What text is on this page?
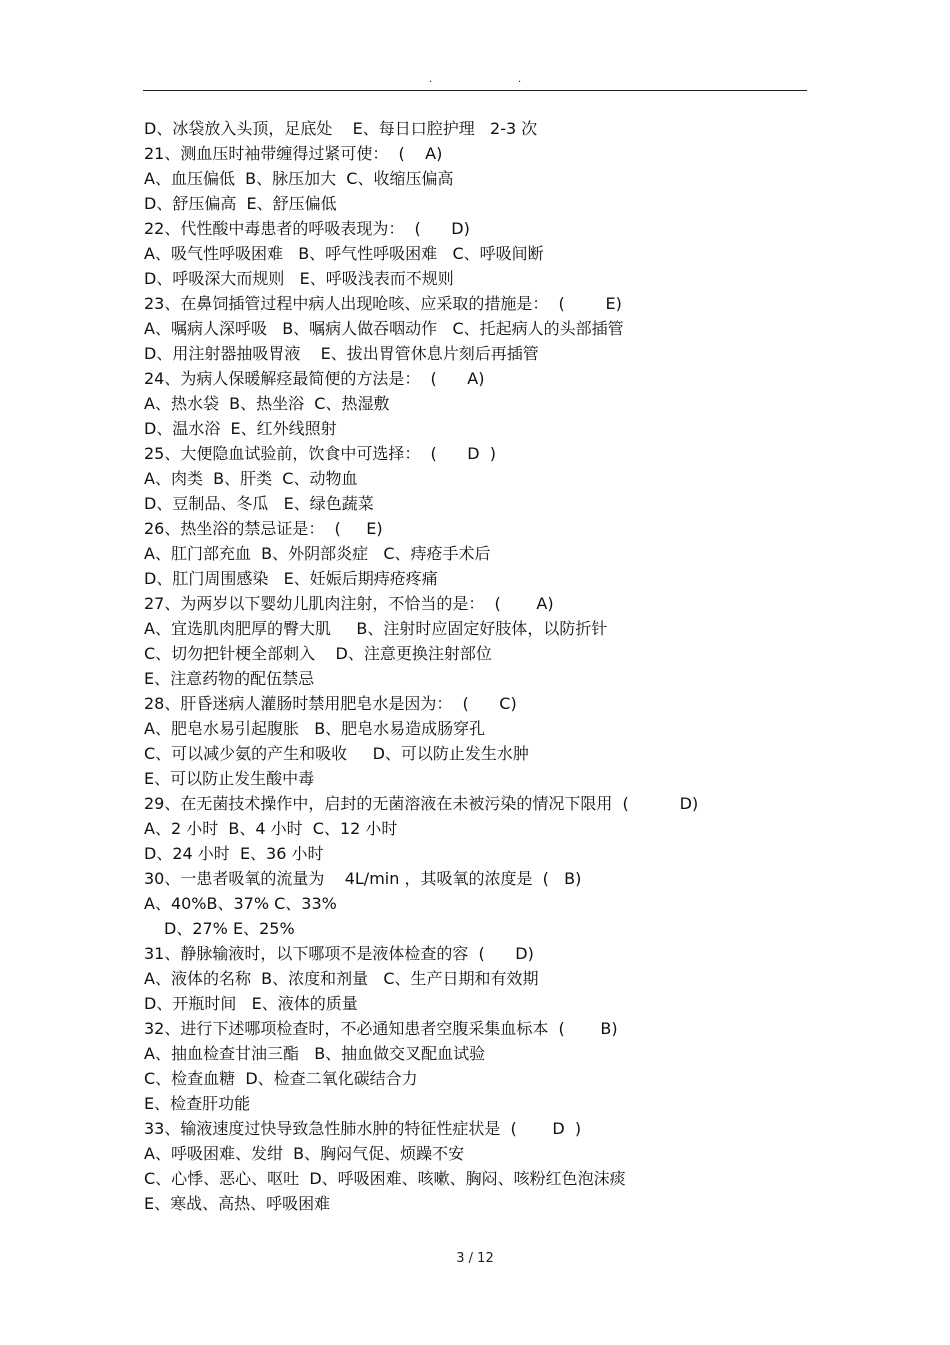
.	.
D、冰袋放入头顶，足底处    E、每日口腔护理   2-3 次
21、测血压时袖带缠得过紧可使：  (    A)
A、血压偏低  B、脉压加大  C、收缩压偏高
D、舒压偏高  E、舒压偏低
22、代性酸中毒患者的呼吸表现为：  (      D)
A、吸气性呼吸困难   B、呼气性呼吸困难   C、呼吸间断
D、呼吸深大而规则   E、呼吸浅表而不规则
23、在鼻饲插管过程中病人出现呛咳、应采取的措施是：  (        E)
A、嘱病人深呼吸   B、嘱病人做吞咽动作   C、托起病人的头部插管
D、用注射器抽吸胃液    E、拔出胃管休息片刻后再插管
24、为病人保暖解痉最简便的方法是：  (      A)
A、热水袋  B、热坐浴  C、热湿敷
D、温水浴  E、红外线照射
25、大便隐血试验前，饮食中可选择：  (      D  )
A、肉类  B、肝类  C、动物血
D、豆制品、冬瓜   E、绿色蔬菜
26、热坐浴的禁忌证是：  (     E)
A、肛门部充血  B、外阴部炎症   C、痔疮手术后
D、肛门周围感染   E、妊娠后期痔疮疼痛
27、为两岁以下婴幼儿肌肉注射，不恰当的是：  (       A)
A、宜选肌肉肥厚的臀大肌     B、注射时应固定好肢体，以防折针
C、切勿把针梗全部刺入    D、注意更换注射部位
E、注意药物的配伍禁忌
28、肝昏迷病人灌肠时禁用肥皂水是因为：  (      C)
A、肥皂水易引起腹胀   B、肥皂水易造成肠穿孔
C、可以减少氨的产生和吸收     D、可以防止发生水肿
E、可以防止发生酸中毒
29、在无菌技术操作中，启封的无菌溶液在未被污染的情况下限用  (          D)
A、2 小时  B、4 小时  C、12 小时
D、24 小时  E、36 小时
30、一患者吸氧的流量为    4L/min ，其吸氧的浓度是  (   B)
A、40%B、37% C、33%
D、27% E、25%
31、静脉输液时，以下哪项不是液体检查的容  (      D)
A、液体的名称  B、浓度和剂量   C、生产日期和有效期
D、开瓶时间   E、液体的质量
32、进行下述哪项检查时，不必通知患者空腹采集血标本  (       B)
A、抽血检查甘油三酯   B、抽血做交叉配血试验
C、检查血糖  D、检查二氧化碳结合力
E、检查肝功能
33、输液速度过快导致急性肺水肿的特征性症状是  (       D  )
A、呼吸困难、发绀  B、胸闷气促、烦躁不安
C、心悸、恶心、呕吐  D、呼吸困难、咳嗽、胸闷、咳粉红色泡沫痰
E、寒战、高热、呼吸困难
3 / 12
